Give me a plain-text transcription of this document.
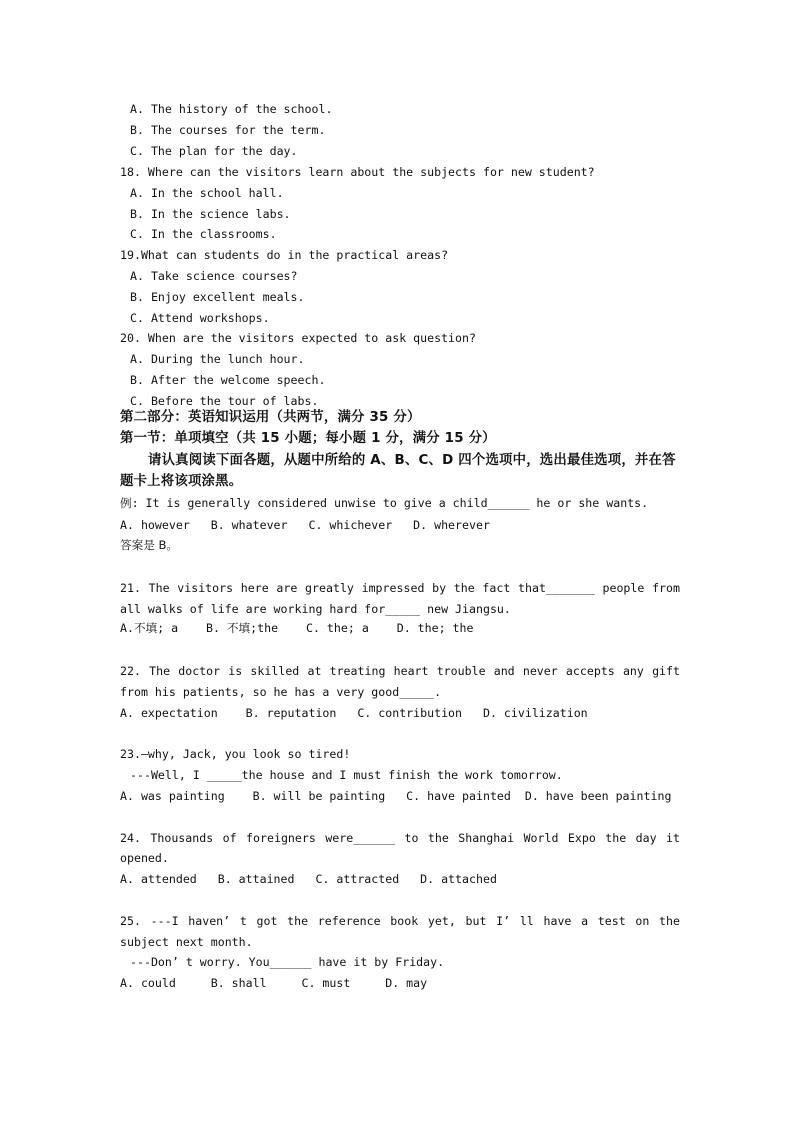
A. The history of the school.
B. The courses for the term.
C. The plan for the day.
18. Where can the visitors learn about the subjects for new student?
A. In the school hall.
B. In the science labs.
C. In the classrooms.
19.What can students do in the practical areas?
A. Take science courses?
B. Enjoy excellent meals.
C. Attend workshops.
20. When are the visitors expected to ask question?
A. During the lunch hour.
B. After the welcome speech.
C. Before the tour of labs.
第二部分：英语知识运用（共两节，满分 35 分）
第一节：单项填空（共 15 小题；每小题 1 分，满分 15 分）
请认真阅读下面各题，从题中所给的 A、B、C、D 四个选项中，选出最佳选项，并在答
题卡上将该项涂黑。
例: It is generally considered unwise to give a child______ he or she wants.
A. however   B. whatever   C. whichever   D. wherever
答案是 B。
21. The visitors here are greatly impressed by the fact that_______ people from
all walks of life are working hard for_____ new Jiangsu.
A.不填; a    B. 不填;the    C. the; a    D. the; the
22. The doctor is skilled at treating heart trouble and never accepts any gift
from his patients, so he has a very good_____.
A. expectation    B. reputation   C. contribution   D. civilization
23.—why, Jack, you look so tired!
---Well, I _____the house and I must finish the work tomorrow.
A. was painting    B. will be painting   C. have painted  D. have been painting
24. Thousands of foreigners were______ to the Shanghai World Expo the day it
opened.
A. attended   B. attained   C. attracted   D. attached
25. ---I haven’ t got the reference book yet, but I’ ll have a test on the
subject next month.
---Don’ t worry. You______ have it by Friday.
A. could     B. shall     C. must     D. may
